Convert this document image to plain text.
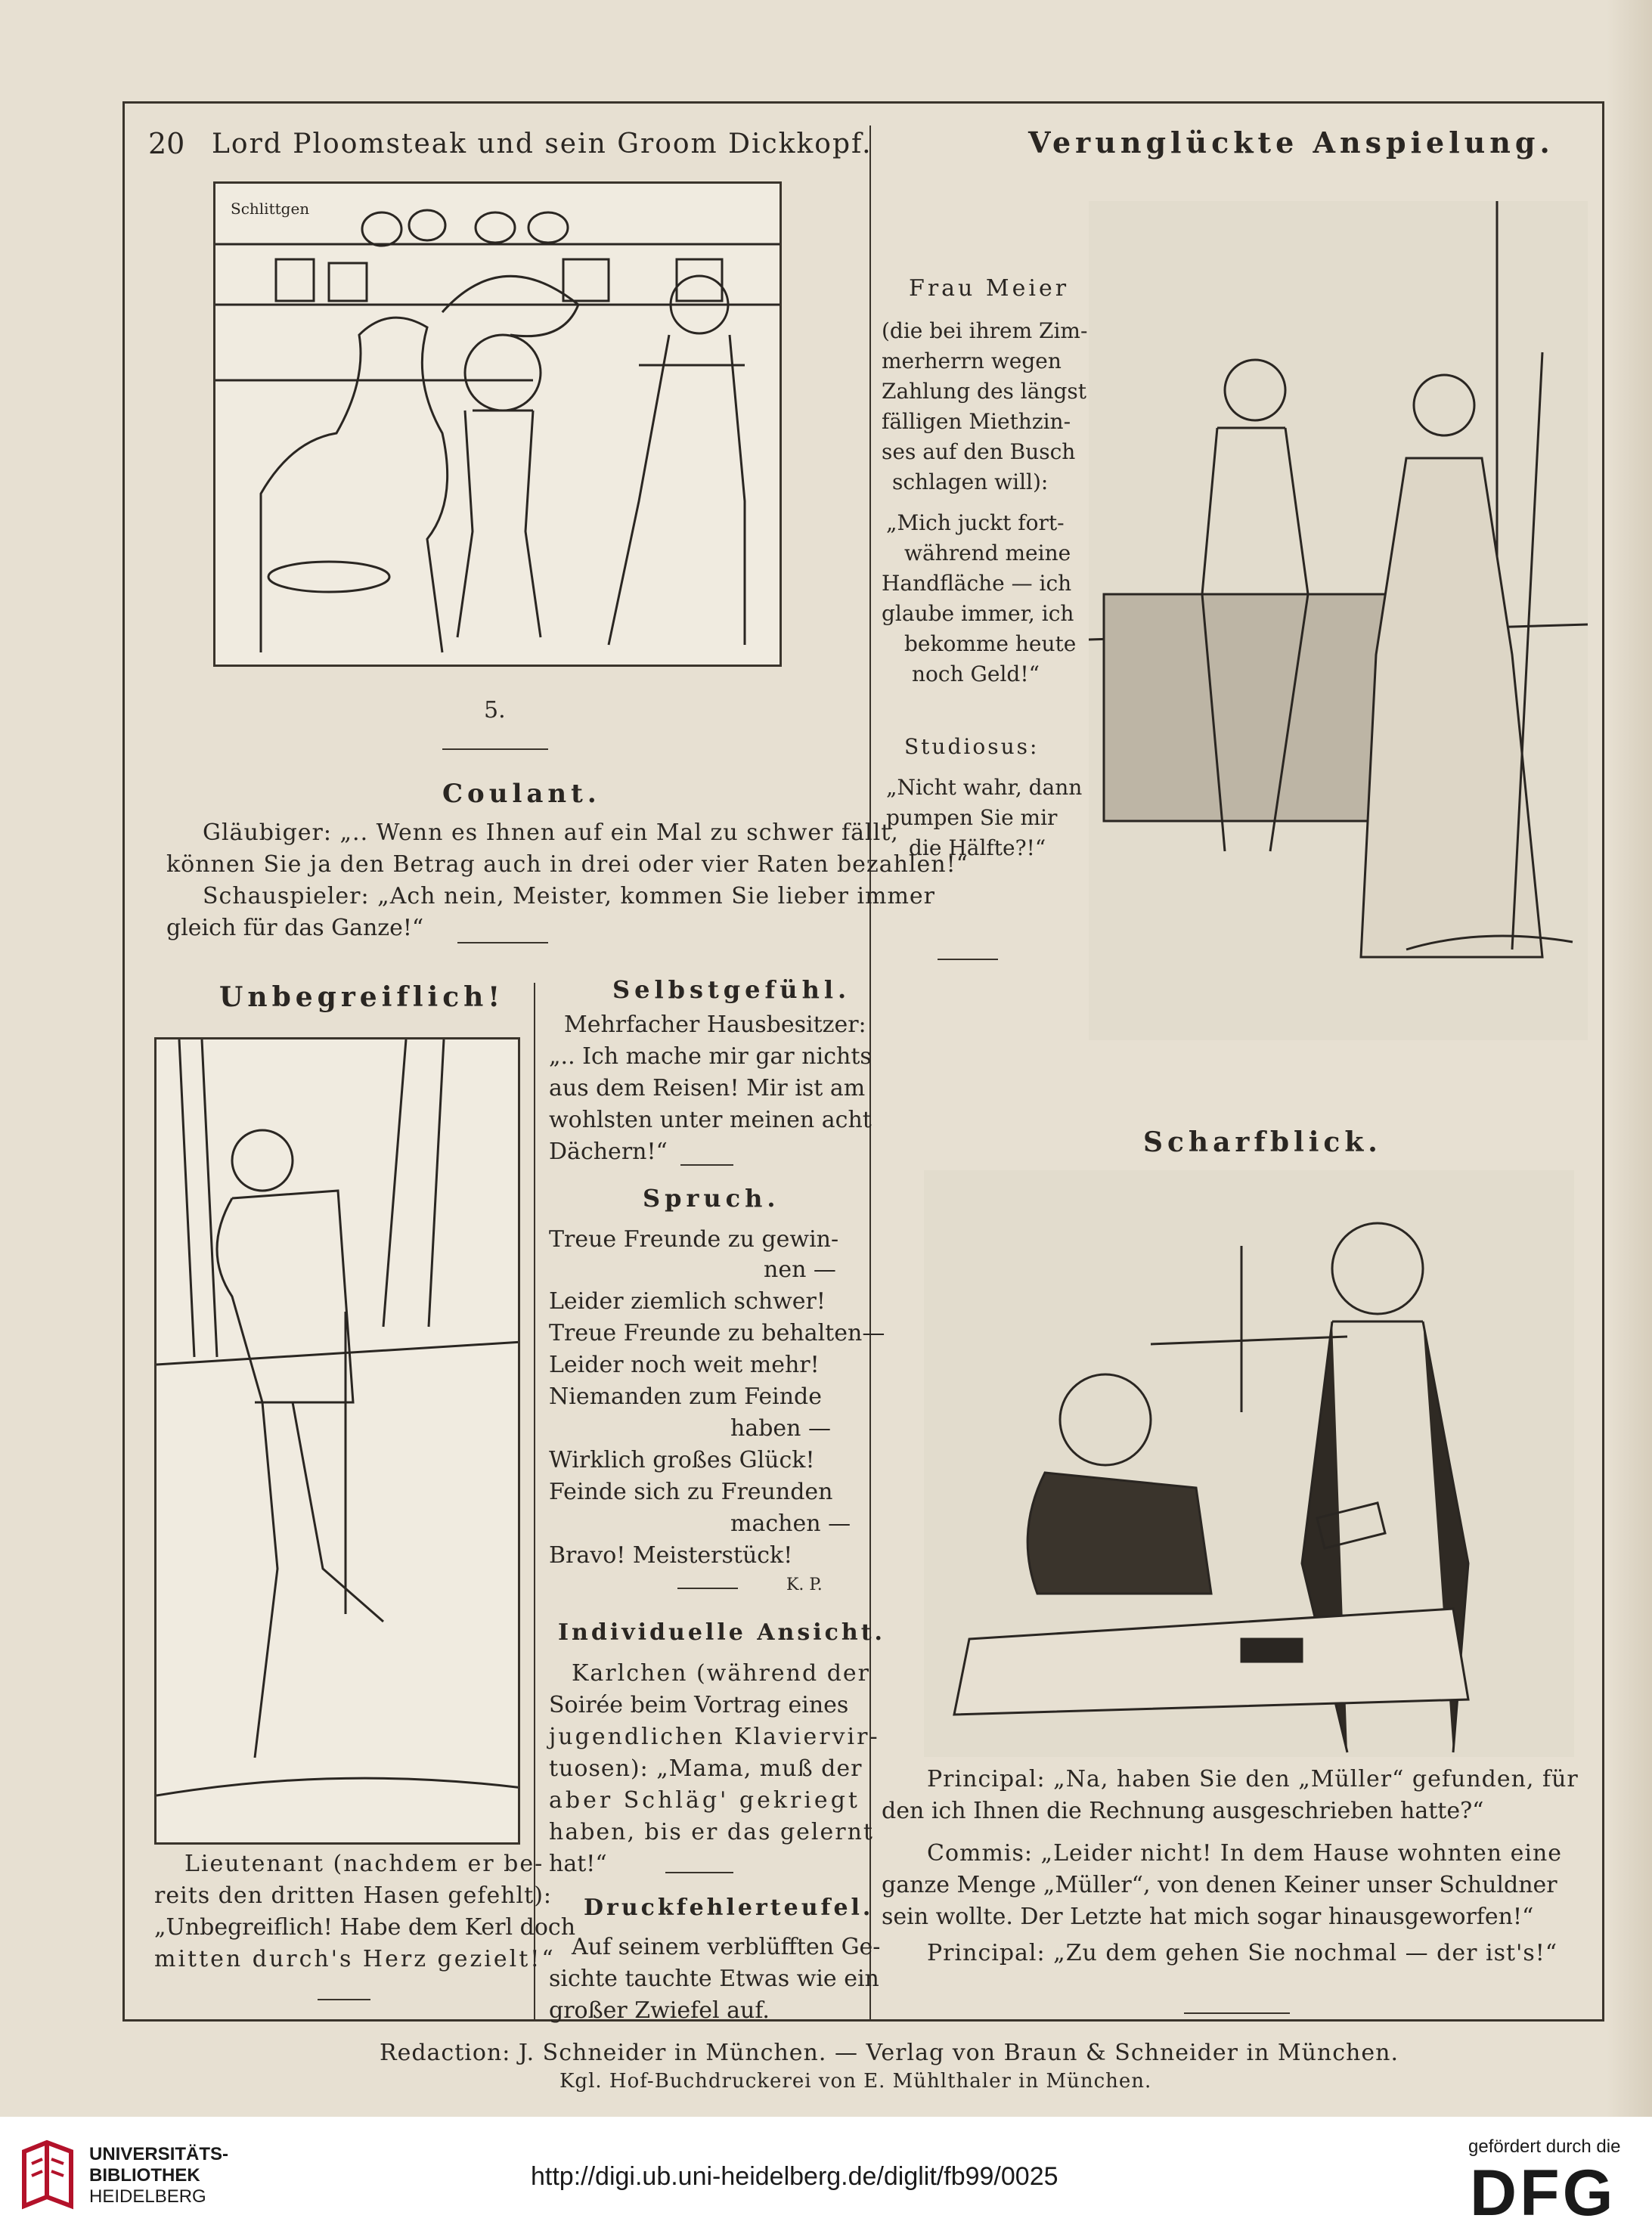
20 Lord Ploomsteak und sein Groom Dickkopf.	Verunglückte Anspielung.
Schlittgen
5.
Coulant.
Gläubiger: „.. Wenn es Ihnen auf ein Mal zu schwer fällt,
können Sie ja den Betrag auch in drei oder vier Raten bezahlen!“
Schauspieler: „Ach nein, Meister, kommen Sie lieber immer
gleich für das Ganze!“
Unbegreiflich!
Lieutenant (nachdem er be-
reits den dritten Hasen gefehlt):
„Unbegreiflich! Habe dem Kerl doch
mitten durch's Herz gezielt!“
Selbstgefühl.
Mehrfacher Hausbesitzer:
„.. Ich mache mir gar nichts
aus dem Reisen! Mir ist am
wohlsten unter meinen acht
Dächern!“
Spruch.
Treue Freunde zu gewin-
nen —
Leider ziemlich schwer!
Treue Freunde zu behalten—
Leider noch weit mehr!
Niemanden zum Feinde
haben —
Wirklich großes Glück!
Feinde sich zu Freunden
machen —
Bravo! Meisterstück!
K. P.
Individuelle Ansicht.
Karlchen (während der
Soirée beim Vortrag eines
jugendlichen Klaviervir-
tuosen): „Mama, muß der
aber Schläg' gekriegt
haben, bis er das gelernt
hat!“
Druckfehlerteufel.
Auf seinem verblüfften Ge-
sichte tauchte Etwas wie ein
großer Zwiefel auf.
Frau Meier
(die bei ihrem Zim-
merherrn wegen
Zahlung des längst
fälligen Miethzin-
ses auf den Busch
schlagen will):
„Mich juckt fort-
während meine
Handfläche — ich
glaube immer, ich
bekomme heute
noch Geld!“
Studiosus:
„Nicht wahr, dann
pumpen Sie mir
die Hälfte?!“
Scharfblick.
Principal: „Na, haben Sie den „Müller“ gefunden, für
den ich Ihnen die Rechnung ausgeschrieben hatte?“
Commis: „Leider nicht! In dem Hause wohnten eine
ganze Menge „Müller“, von denen Keiner unser Schuldner
sein wollte. Der Letzte hat mich sogar hinausgeworfen!“
Principal: „Zu dem gehen Sie nochmal — der ist's!“
Redaction: J. Schneider in München. — Verlag von Braun & Schneider in München.
Kgl. Hof-Buchdruckerei von E. Mühlthaler in München.
UNIVERSITÄTS-
BIBLIOTHEK
HEIDELBERG
http://digi.ub.uni-heidelberg.de/diglit/fb99/0025
gefördert durch die
DFG
